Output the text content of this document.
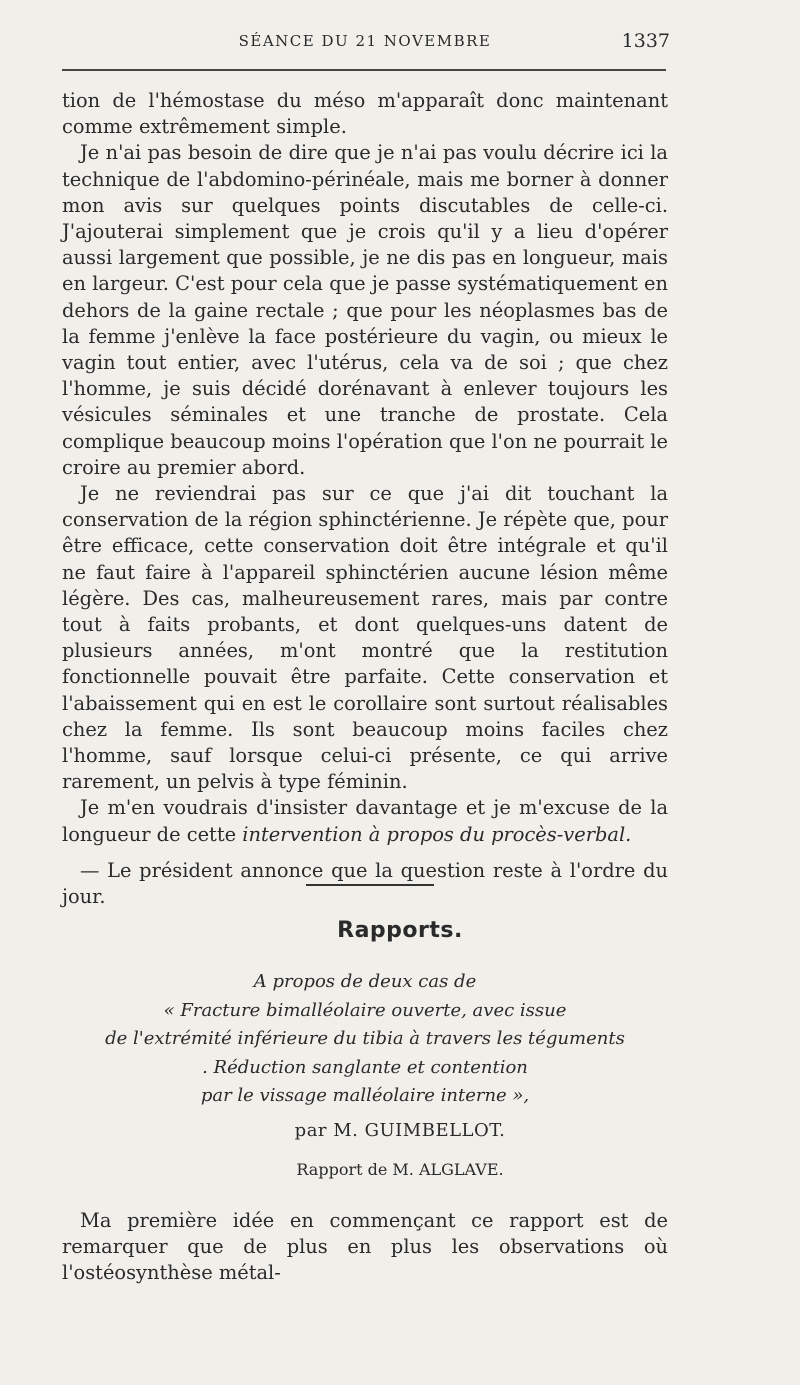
SÉANCE DU 21 NOVEMBRE	1337

tion de l'hémostase du méso m'apparaît donc maintenant comme extrêmement simple.

Je n'ai pas besoin de dire que je n'ai pas voulu décrire ici la technique de l'abdomino-périnéale, mais me borner à donner mon avis sur quelques points discutables de celle-ci. J'ajouterai simplement que je crois qu'il y a lieu d'opérer aussi largement que possible, je ne dis pas en longueur, mais en largeur. C'est pour cela que je passe systématiquement en dehors de la gaine rectale ; que pour les néoplasmes bas de la femme j'enlève la face postérieure du vagin, ou mieux le vagin tout entier, avec l'utérus, cela va de soi ; que chez l'homme, je suis décidé dorénavant à enlever toujours les vésicules séminales et une tranche de prostate. Cela complique beaucoup moins l'opération que l'on ne pourrait le croire au premier abord.

Je ne reviendrai pas sur ce que j'ai dit touchant la conservation de la région sphinctérienne. Je répète que, pour être efficace, cette conservation doit être intégrale et qu'il ne faut faire à l'appareil sphinctérien aucune lésion même légère. Des cas, malheureusement rares, mais par contre tout à faits probants, et dont quelques-uns datent de plusieurs années, m'ont montré que la restitution fonctionnelle pouvait être parfaite. Cette conservation et l'abaissement qui en est le corollaire sont surtout réalisables chez la femme. Ils sont beaucoup moins faciles chez l'homme, sauf lorsque celui-ci présente, ce qui arrive rarement, un pelvis à type féminin.

Je m'en voudrais d'insister davantage et je m'excuse de la longueur de cette intervention à propos du procès-verbal.

— Le président annonce que la question reste à l'ordre du jour.

Rapports.
A propos de deux cas de
« Fracture bimalléolaire ouverte, avec issue
de l'extrémité inférieure du tibia à travers les téguments
. Réduction sanglante et contention
par le vissage malléolaire interne »,
par M. GUIMBELLOT.
Rapport de M. ALGLAVE.

Ma première idée en commençant ce rapport est de remarquer que de plus en plus les observations où l'ostéosynthèse métal-
